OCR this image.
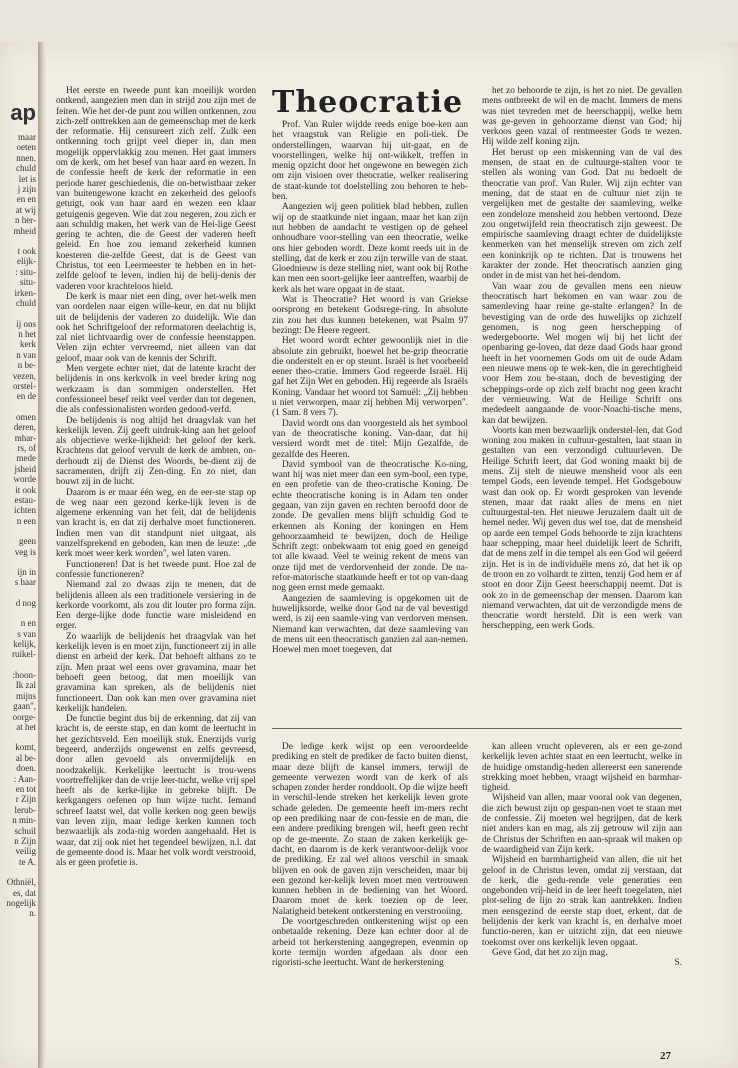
ap
maar
oeten
nnen.
chuld
let is
j zijn
en en
at wij
n her-
mheid
t ook
elijk-
: situ-
situ-
irken-
chuld
ij ons
n het
kerk
n van
n be-
vezen,
orstel-
en de
omen
deren,
mhar-
rs, of
mede
jsheid
worde
it ook
estau-
ichten
n een
geen
veg is
ijn in
s haar
d nog
n en
s van
kelijk,
ruikel-
:hoon-
Ik zal
mijns
gaan",
oorge-
at het
komt,
al be-
doen.
: Aan-
en tot
r Zijn
lerub-
n min-
schuil
n Zijn
veilig
te A.
Othniël,
es, dat
nogelijk
n.

Het eerste en tweede punt kan moeilijk worden ontkend, aangezien men dan in strijd zou zijn met de feiten. Wie het der-de punt zou willen ontkennen, zou zich-zelf onttrekken aan de gemeenschap met de kerk der reformatie. Hij censureert zich zelf. Zulk een ontkenning toch grijpt veel dieper in, dan men mogelijk oppervlakkig zou menen. Het gaat immers om de kerk, om het besef van haar aard en wezen. In de confessie heeft de kerk der reformatie in een periode harer geschiedenis, die on-betwistbaar zeker van buitengewone kracht en zekerheid des geloofs getuigt, ook van haar aard en wezen een klaar getuigenis gegeven. Wie dat zou negeren, zou zich er aan schuldig maken, het werk van de Hei-lige Geest gering te achten, die de Geest der vaderen heeft geleid. En hoe zou iemand zekerheid kunnen koesteren die-zelfde Geest, dat is de Geest van Christus, tot een Leermeester te hebben en in het-zelfde geloof te leven, indien hij de belij-denis der vaderen voor krachteloos hield.

De kerk is maar niet een ding, over het-welk men van oordelen naar eigen wille-keur, en dat nu blijkt uit de belijdenis der vaderen zo duidelijk. Wie dan ook het Schriftgeloof der reformatoren deelachtig is, zal niet lichtvaardig over de confessie heenstappen. Velen zijn echter vervreemd, niet alleen van dat geloof, maar ook van de kennis der Schrift.

Men vergete echter niet, dat de latente kracht der belijdenis in ons kerkvolk in veel breder kring nog werkzaam is dan sommigen onderstellen. Het confessioneel besef reikt veel verder dan tot degenen, die als confessionalisten worden gedood-verfd.

De belijdenis is nog altijd het draagvlak van het kerkelijk leven. Zij geeft uitdruk-king aan het geloof als objectieve werke-lijkheid: het geloof der kerk. Krachtens dat geloof vervult de kerk de ambten, on-derhoudt zij de Dienst des Woords, be-dient zij de sacramenten, drijft zij Zen-ding. En zo niet, dan bouwt zij in de lucht.

Daarom is er maar één weg, en de eer-ste stap op de weg naar een gezond kerke-lijk leven is de algemene erkenning van het feit, dat de belijdenis van kracht is, en dat zij derhalve moet functioneren. Indien men van dit standpunt niet uitgaat, als vanzelfsprekend en geboden, kan men de leuze: „de kerk moet weer kerk worden", wel laten varen.

Functioneren! Dat is het tweede punt. Hoe zal de confessie functioneren?

Niemand zal zo dwaas zijn te menen, dat de belijdenis alleen als een traditionele versiering in de kerkorde voorkomt, als zou dit louter pro forma zijn. Een derge-lijke dode functie ware misleidend en erger.

Zo waarlijk de belijdenis het draagvlak van het kerkelijk leven is en moet zijn, functioneert zij in alle dienst en arbeid der kerk. Dat behoeft althans zo te zijn. Men praat wel eens over gravamina, maar het behoeft geen betoog, dat men moeilijk van gravamina kan spreken, als de belijdenis niet functioneert. Dan ook kan men over gravamina niet kerkelijk handelen.

De functie begint dus bij de erkenning, dat zij van kracht is, de eerste stap, en dan komt de leertucht in het gezichtsveld. Een moeilijk stuk. Enerzijds vurig begeerd, anderzijds ongewenst en zelfs gevreesd, door allen gevoeld als onvermijdelijk en noodzakelijk. Kerkelijke leertucht is trou-wens voortreffelijker dan de vrije leer-tucht, welke vrij spel heeft als de kerke-lijke in gebreke blijft. De kerkgangers oefenen op hun wijze tucht. Iemand schreef laatst wel, dat volle kerken nog geen bewijs van leven zijn, maar ledige kerken kunnen toch bezwaarlijk als zoda-nig worden aangehaald. Het is waar, dat zij ook niet het tegendeel bewijzen, n.l. dat de gemeente dood is. Maar het volk wordt verstrooid, als er geen profetie is.

Theocratie

Prof. Van Ruler wijdde reeds enige boe-ken aan het vraagstuk van Religie en poli-tiek. De onderstellingen, waarvan hij uit-gaat, en de voorstellingen, welke hij ont-wikkelt, treffen in menig opzicht door het ongewone en bewegen zich om zijn visioen over theocratie, welker realisering de staat-kunde tot doelstelling zou behoren te heb-ben.

Aangezien wij geen politiek blad hebben, zullen wij op de staatkunde niet ingaan, maar het kan zijn nut hebben de aandacht te vestigen op de geheel onhoudbare voor-stelling van een theocratie, welke ons hier geboden wordt. Deze komt reeds uit in de stelling, dat de kerk er zou zijn terwille van de staat. Gloednieuw is deze stelling niet, want ook bij Rothe kan men een soort-gelijke leer aantreffen, waarbij de kerk als het ware opgaat in de staat.

Wat is Theocratie? Het woord is van Griekse oorsprong en betekent Godsrege-ring. In absolute zin zou het dus kunnen betekenen, wat Psalm 97 bezingt: De Heere regeert.

Het woord wordt echter gewoonlijk niet in die absolute zin gebruikt, hoewel het be-grip theocratie die onderstelt en er op steunt. Israël is het voorbeeld eener theo-cratie. Immers God regeerde Israël. Hij gaf het Zijn Wet en geboden. Hij regeerde als Israëls Koning. Vandaar het woord tot Samuël: „Zij hebben u niet verworpen, maar zij hebben Mij verworpen". (1 Sam. 8 vers 7).

David wordt ons dan voorgesteld als het symbool van de theocratische koning. Van-daar, dat hij versierd wordt met de titel: Mijn Gezalfde, de gezalfde des Heeren.

David symbool van de theocratische Ko-ning, want hij was niet meer dan een sym-bool, een type, en een profetie van de theo-cratische Koning. De echte theocratische koning is in Adam ten onder gegaan, van zijn gaven en rechten beroofd door de zonde. De gevallen mens blijft schuldig God te erkennen als Koning der koningen en Hem gehoorzaamheid te bewijzen, doch de Heilige Schrift zegt: onbekwaam tot enig goed en geneigd tot alle kwaad. Veel te weinig rekent de mens van onze tijd met de verdorvenheid der zonde. De na-refor-matorische staatkunde heeft er tot op van-daag nog geen ernst mede gemaakt.

Aangezien de saamleving is opgekomen uit de huwelijksorde, welke door God na de val bevestigd werd, is zij een saamle-ving van verdorven mensen. Niemand kan verwachten, dat deze saamleving van de mens uit een theocratisch ganzien zal aan-nemen. Hoewel men moet toegeven, dat

het zo behoorde te zijn, is het zo niet. De gevallen mens ontbreekt de wil en de macht. Immers de mens was niet tevreden met de heerschappij, welke hem was ge-geven in gehoorzame dienst van God; hij verkoos geen vazal of rentmeester Gods te wezen. Hij wilde zelf koning zijn.

Het berust op een miskenning van de val des mensen, de staat en de cultuurge-stalten voor te stellen als woning van God. Dat nu bedoelt de theocratie van prof. Van Ruler. Wij zijn echter van mening, dat de staat en de cultuur niet zijn te vergelijken met de gestalte der saamleving, welke een zondeloze mensheid zou hebben vertoond. Deze zou ongetwijfeld rein theocratisch zijn geweest. De empirische saamleving draagt echter de duidelijkste kenmerken van het menselijk streven om zich zelf een koninkrijk op te richten. Dat is trouwens het karakter der zonde. Het theocratisch aanzien ging onder in de mist van het hei-dendom.

Van waar zou de gevallen mens een nieuw theocratisch hart bekomen en van waar zou de samenleving haar reine ge-stalte erlangen? In de bevestiging van de orde des huwelijks op zichzelf genomen, is nog geen herschepping of wedergeboorte. Wel mogen wij bij het licht der openbaring ge-loven, dat deze daad Gods haar grond heeft in het voornemen Gods om uit de oude Adam een nieuwe mens op te wek-ken, die in gerechtigheid voor Hem zou be-staan, doch de bevestiging der scheppings-orde op zich zelf bracht nog geen kracht der vernieuwing. Wat de Heilige Schrift ons mededeelt aangaande de voor-Noachi-tische mens, kan dat bewijzen.

Voorts kan men bezwaarlijk onderstel-len, dat God woning zou maken in cultuur-gestalten, laat staan in gestalten van een verzondigd cultuurleven. De Heilige Schrift leert, dat God woning maakt bij de mens. Zij stelt de nieuwe mensheid voor als een tempel Gods, een levende tempel. Het Godsgebouw wast dan ook op. Er wordt gesproken van levende stenen, maar dat raakt alles de mens en niet cultuurgestal-ten. Het nieuwe Jeruzalem daalt uit de hemel neder. Wij geven dus wel toe, dat de mensheid op aarde een tempel Gods behoorde te zijn krachtens haar schepping, maar heel duidelijk leert de Schrift, dat de mens zelf in die tempel als een God wil geëerd zijn. Het is in de individuële mens zó, dat het ik op de troon en zo volhardt te zitten, tenzij God hem er af stoot en door Zijn Geest heerschappij neemt. Dat is ook zo in de gemeenschap der mensen. Daarom kan niemand verwachten, dat uit de verzondigde mens de theocratie wordt hersteld. Dit is een werk van herschepping, een werk Gods.

De ledige kerk wijst op een veroordeelde prediking en stelt de prediker de facto buiten dienst, maar deze blijft de kansel immers, terwijl de gemeente verwezen wordt van de kerk of als schapen zonder herder ronddoolt. Op die wijze heeft in verschil-lende streken het kerkelijk leven grote schade geleden. De gemeente heeft im-mers recht op een prediking naar de con-fessie en de man, die een andere prediking brengen wil, heeft geen recht op de ge-meente. Zo staan de zaken kerkelijk ge-dacht, en daarom is de kerk verantwoor-delijk voor de prediking. Er zal wel altoos verschil in smaak blijven en ook de gaven zijn verscheiden, maar bij een gezond ker-kelijk leven moet men vertrouwen kunnen hebben in de bediening van het Woord. Daarom moet de kerk toezien op de leer. Nalatigheid betekent ontkerstening en verstrooiing.

De voortgeschreden ontkerstening wijst op een onbetaalde rekening. Deze kan echter door al de arbeid tot herkerstening aangegrepen, evenmin op korte termijn worden afgedaan als door een rigoristi-sche leertucht. Want de herkerstening

kan alleen vrucht opleveren, als er een ge-zond kerkelijk leven achter staat en een leertucht, welke in de huidige omstandig-heden allereerst een sanerende strekking moet hebben, vraagt wijsheid en barmhar-tigheid.

Wijsheid van allen, maar vooral ook van degenen, die zich bewust zijn op gespan-nen voet te staan met de confessie. Zij moeten wel begrijpen, dat de kerk niet anders kan en mag, als zij getrouw wil zijn aan de Christus der Schriften en aan-spraak wil maken op de waardigheid van Zijn kerk.

Wijsheid en barmhartigheid van allen, die uit het geloof in de Christus leven, omdat zij verstaan, dat de kerk, die gedu-rende vele generaties een ongebonden vrij-heid in de leer heeft toegelaten, niet plot-seling de lijn zo strak kan aantrekken. Indien men eensgezind de eerste stap doet, erkent, dat de belijdenis der kerk van kracht is, en derhalve moet functio-neren, kan er uitzicht zijn, dat een nieuwe toekomst over ons kerkelijk leven opgaat.

Geve God, dat het zo zijn mag.

S.

27
